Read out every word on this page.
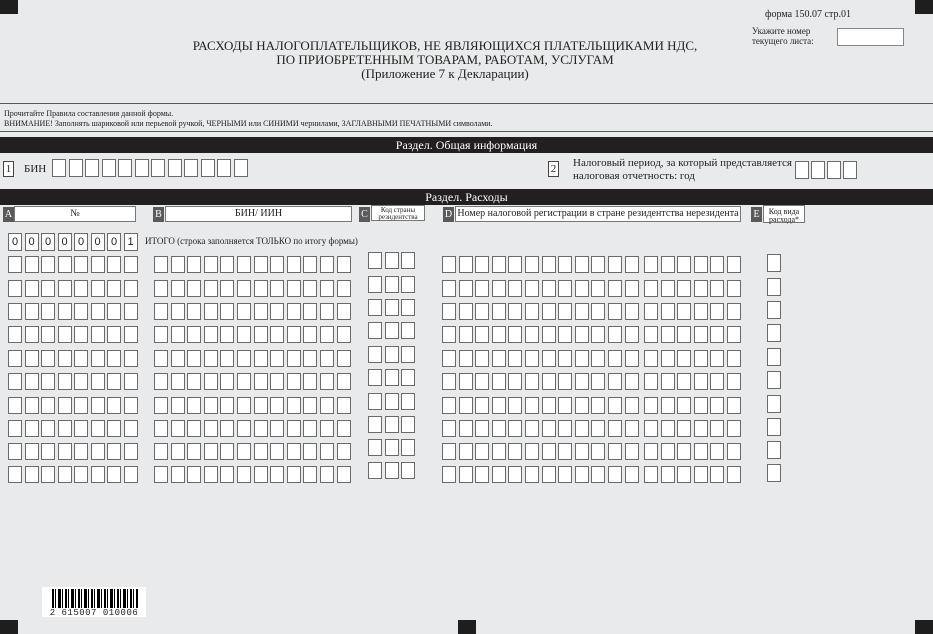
форма 150.07 стр.01
Укажите номер
текущего листа:
РАСХОДЫ НАЛОГОПЛАТЕЛЬЩИКОВ, НЕ ЯВЛЯЮЩИХСЯ ПЛАТЕЛЬЩИКАМИ НДС,
ПО ПРИОБРЕТЕННЫМ ТОВАРАМ, РАБОТАМ, УСЛУГАМ
(Приложение 7 к Декларации)
Прочитайте Правила составления данной формы.
ВНИМАНИЕ! Заполнять шариковой или перьевой ручкой, ЧЕРНЫМИ или СИНИМИ чернилами, ЗАГЛАВНЫМИ ПЕЧАТНЫМИ символами.
Раздел. Общая информация
1 БИН	2 Налоговый период, за который представляется
налоговая отчетность: год
Раздел. Расходы
A	№	B	БИН/ ИИН	C	Код страны
резидентства	D Номер налоговой регистрации в стране резидентства нерезидента E	Код вида
расхода*
0 0 0 0 0 0 0 1	ИТОГО (строка заполняется ТОЛЬКО по итогу формы)
2 615007 010006
